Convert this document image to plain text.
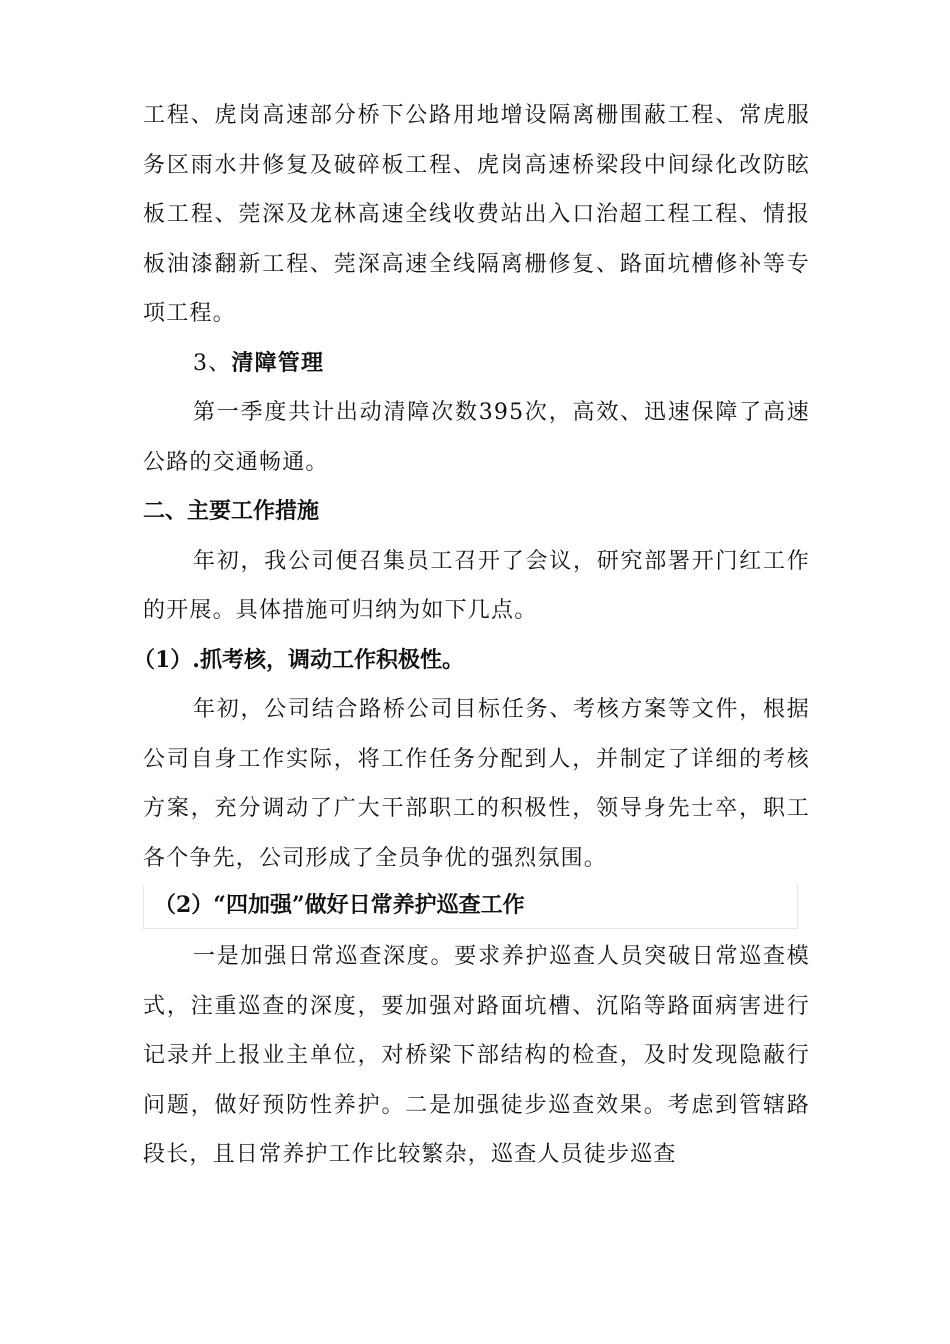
工程、虎岗高速部分桥下公路用地增设隔离栅围蔽工程、常虎服务区雨水井修复及破碎板工程、虎岗高速桥梁段中间绿化改防眩板工程、莞深及龙林高速全线收费站出入口治超工程工程、情报板油漆翻新工程、莞深高速全线隔离栅修复、路面坑槽修补等专项工程。

3、清障管理

第一季度共计出动清障次数395次，高效、迅速保障了高速公路的交通畅通。

二、主要工作措施

年初，我公司便召集员工召开了会议，研究部署开门红工作的开展。具体措施可归纳为如下几点。

（1）.抓考核，调动工作积极性。

年初，公司结合路桥公司目标任务、考核方案等文件，根据公司自身工作实际，将工作任务分配到人，并制定了详细的考核方案，充分调动了广大干部职工的积极性，领导身先士卒，职工各个争先，公司形成了全员争优的强烈氛围。

（2）“四加强”做好日常养护巡查工作

一是加强日常巡查深度。要求养护巡查人员突破日常巡查模式，注重巡查的深度，要加强对路面坑槽、沉陷等路面病害进行记录并上报业主单位，对桥梁下部结构的检查，及时发现隐蔽行问题，做好预防性养护。二是加强徒步巡查效果。考虑到管辖路段长，且日常养护工作比较繁杂，巡查人员徒步巡查
